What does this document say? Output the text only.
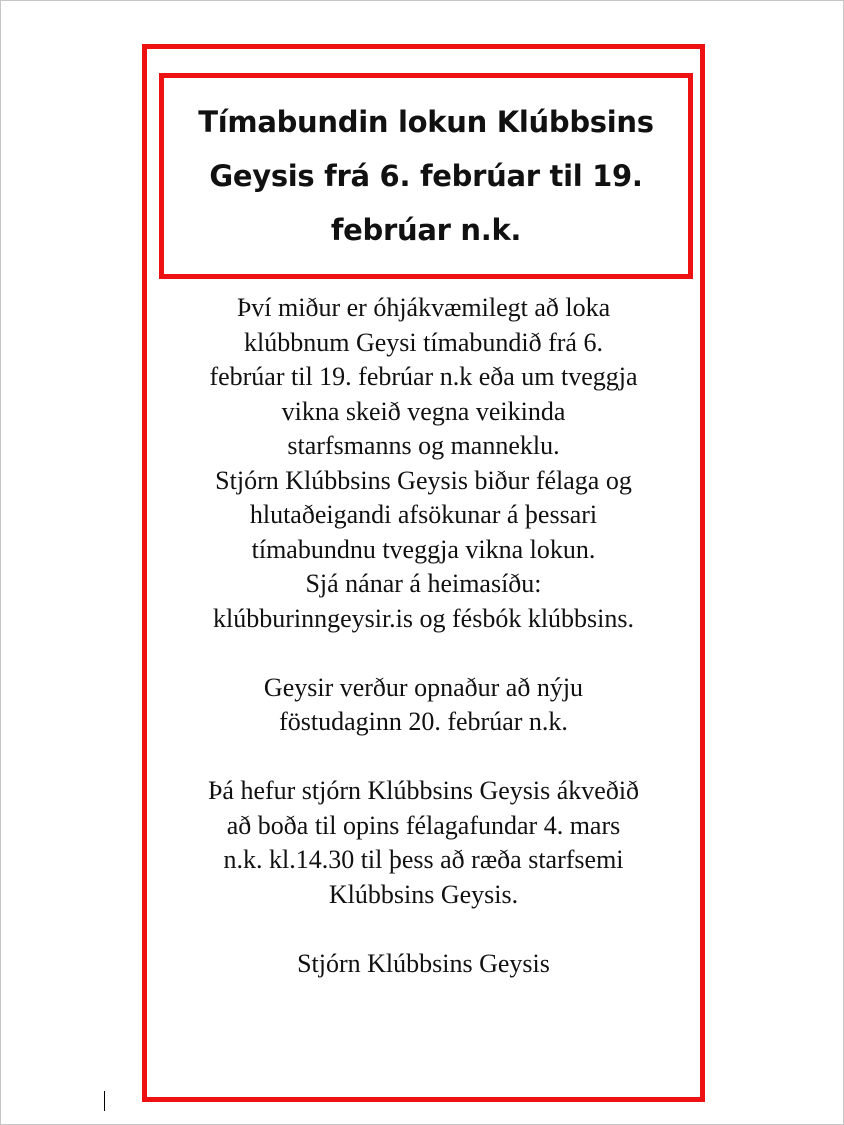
Tímabundin lokun Klúbbsins
Geysis frá 6. febrúar til 19.
febrúar n.k.
Því miður er óhjákvæmilegt að loka
klúbbnum Geysi tímabundið frá 6.
febrúar til 19. febrúar n.k eða um tveggja
vikna skeið vegna veikinda
starfsmanns og manneklu.
Stjórn Klúbbsins Geysis biður félaga og
hlutaðeigandi afsökunar á þessari
tímabundnu tveggja vikna lokun.
Sjá nánar á heimasíðu:
klúbburinngeysir.is og fésbók klúbbsins.
Geysir verður opnaður að nýju
föstudaginn 20. febrúar n.k.
Þá hefur stjórn Klúbbsins Geysis ákveðið
að boða til opins félagafundar 4. mars
n.k. kl.14.30 til þess að ræða starfsemi
Klúbbsins Geysis.
Stjórn Klúbbsins Geysis
